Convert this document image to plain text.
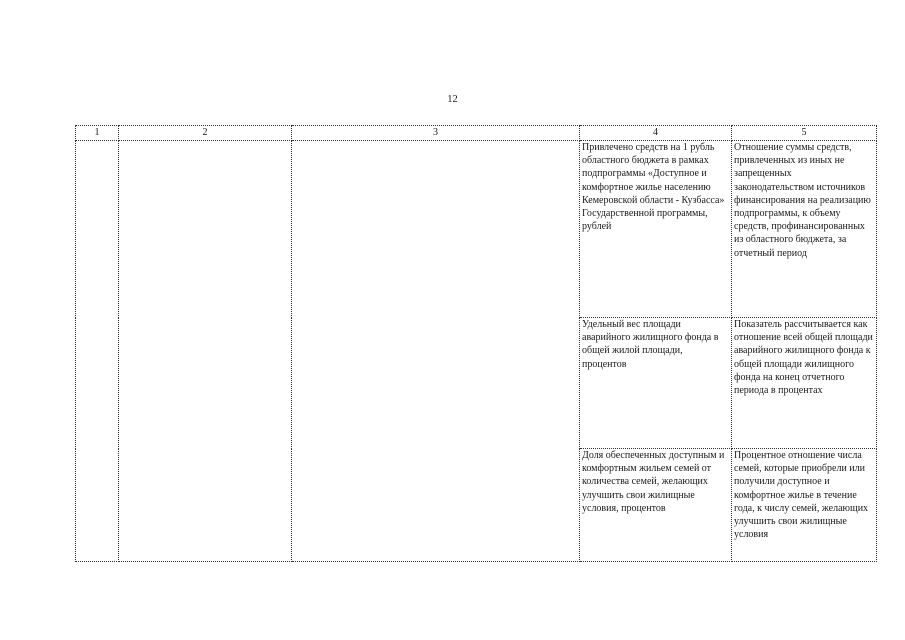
12
1	2	3	4	5
			Привлечено средств на 1 рубль областного бюджета в рамках подпрограммы «Доступное и комфортное жилье населению Кемеровской области - Кузбасса» Государственной программы, рублей	Отношение суммы средств, привлеченных из иных не запрещенных законодательством источников финансирования на реализацию подпрограммы, к объему средств, профинансированных из областного бюджета, за отчетный период
			Удельный вес площади аварийного жилищного фонда в общей жилой площади, процентов	Показатель рассчитывается как отношение всей общей площади аварийного жилищного фонда к общей площади жилищного фонда на конец отчетного периода в процентах
			Доля обеспеченных доступным и комфортным жильем семей от количества семей, желающих улучшить свои жилищные условия, процентов	Процентное отношение числа семей, которые приобрели или получили доступное и комфортное жилье в течение года, к числу семей, желающих улучшить свои жилищные условия
